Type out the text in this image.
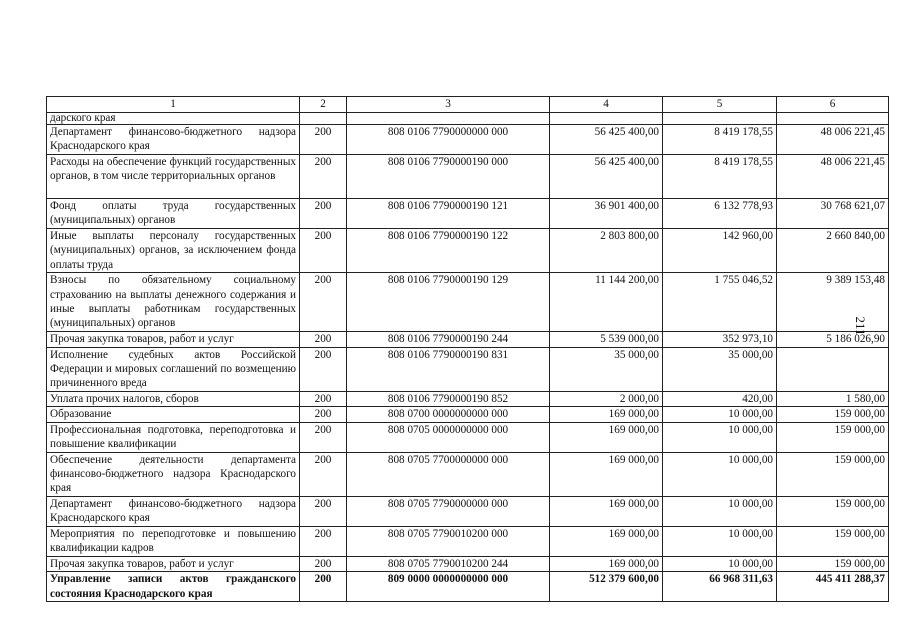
1	2	3	4	5	6
дарского края					
Департамент финансово-бюджетного надзора Краснодарского края	200	808 0106 7790000000 000	56 425 400,00	8 419 178,55	48 006 221,45
Расходы на обеспечение функций государственных органов, в том числе территориальных органов	200	808 0106 7790000190 000	56 425 400,00	8 419 178,55	48 006 221,45
Фонд оплаты труда государственных (муниципальных) органов	200	808 0106 7790000190 121	36 901 400,00	6 132 778,93	30 768 621,07
Иные выплаты персоналу государственных (муниципальных) органов, за исключением фонда оплаты труда	200	808 0106 7790000190 122	2 803 800,00	142 960,00	2 660 840,00
Взносы по обязательному социальному страхованию на выплаты денежного содержания и иные выплаты работникам государственных (муниципальных) органов	200	808 0106 7790000190 129	11 144 200,00	1 755 046,52	9 389 153,48
Прочая закупка товаров, работ и услуг	200	808 0106 7790000190 244	5 539 000,00	352 973,10	5 186 026,90
Исполнение судебных актов Российской Федерации и мировых соглашений по возмещению причиненного вреда	200	808 0106 7790000190 831	35 000,00	35 000,00	
Уплата прочих налогов, сборов	200	808 0106 7790000190 852	2 000,00	420,00	1 580,00
Образование	200	808 0700 0000000000 000	169 000,00	10 000,00	159 000,00
Профессиональная подготовка, переподготовка и повышение квалификации	200	808 0705 0000000000 000	169 000,00	10 000,00	159 000,00
Обеспечение деятельности департамента финансово-бюджетного надзора Краснодарского края	200	808 0705 7700000000 000	169 000,00	10 000,00	159 000,00
Департамент финансово-бюджетного надзора Краснодарского края	200	808 0705 7790000000 000	169 000,00	10 000,00	159 000,00
Мероприятия по переподготовке и повышению квалификации кадров	200	808 0705 7790010200 000	169 000,00	10 000,00	159 000,00
Прочая закупка товаров, работ и услуг	200	808 0705 7790010200 244	169 000,00	10 000,00	159 000,00
Управление записи актов гражданского состояния Краснодарского края	200	809 0000 0000000000 000	512 379 600,00	66 968 311,63	445 411 288,37
211
